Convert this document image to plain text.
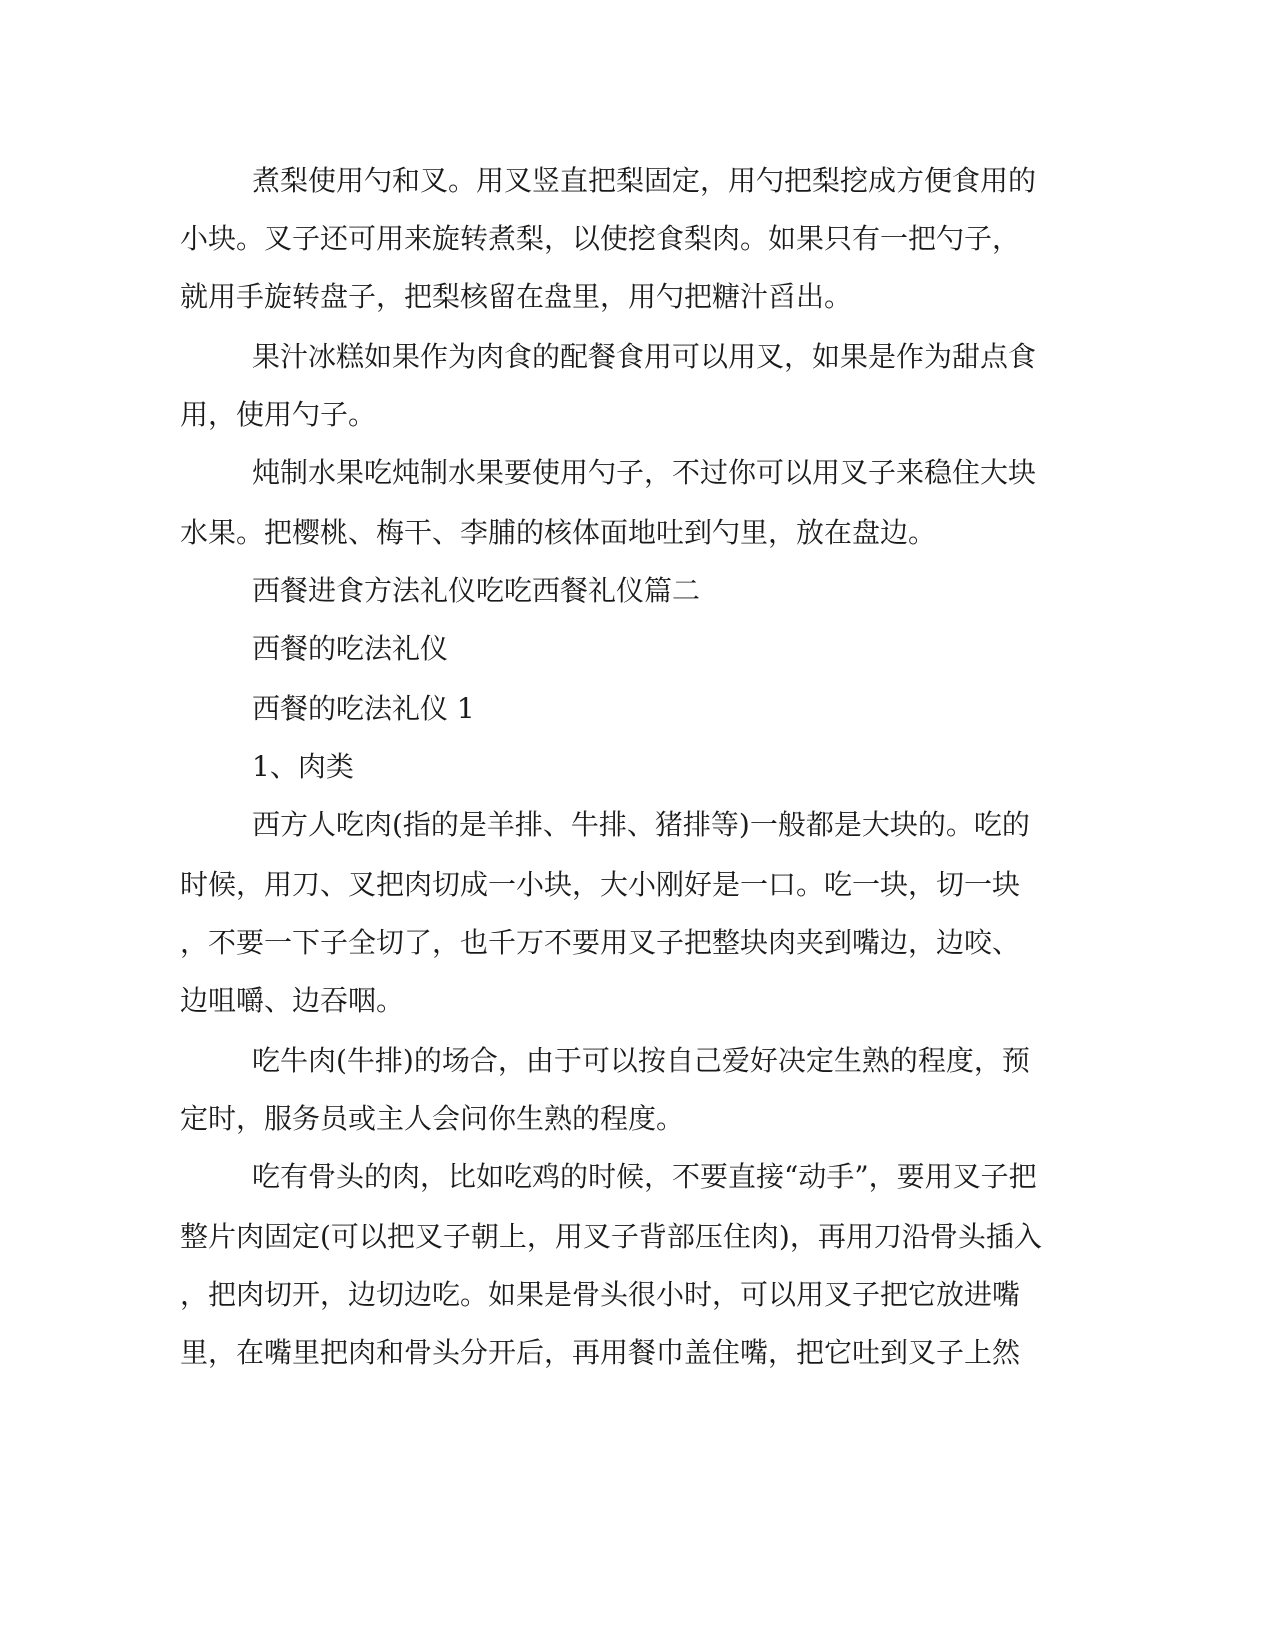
煮梨使用勺和叉。用叉竖直把梨固定，用勺把梨挖成方便食用的

小块。叉子还可用来旋转煮梨，以使挖食梨肉。如果只有一把勺子，

就用手旋转盘子，把梨核留在盘里，用勺把糖汁舀出。

果汁冰糕如果作为肉食的配餐食用可以用叉，如果是作为甜点食

用，使用勺子。

炖制水果吃炖制水果要使用勺子，不过你可以用叉子来稳住大块

水果。把樱桃、梅干、李脯的核体面地吐到勺里，放在盘边。

西餐进食方法礼仪吃吃西餐礼仪篇二

西餐的吃法礼仪

西餐的吃法礼仪 1

1、肉类

西方人吃肉(指的是羊排、牛排、猪排等)一般都是大块的。吃的

时候，用刀、叉把肉切成一小块，大小刚好是一口。吃一块，切一块

，不要一下子全切了，也千万不要用叉子把整块肉夹到嘴边，边咬、

边咀嚼、边吞咽。

吃牛肉(牛排)的场合，由于可以按自己爱好决定生熟的程度，预

定时，服务员或主人会问你生熟的程度。

吃有骨头的肉，比如吃鸡的时候，不要直接“动手”，要用叉子把

整片肉固定(可以把叉子朝上，用叉子背部压住肉)，再用刀沿骨头插入

，把肉切开，边切边吃。如果是骨头很小时，可以用叉子把它放进嘴

里，在嘴里把肉和骨头分开后，再用餐巾盖住嘴，把它吐到叉子上然
